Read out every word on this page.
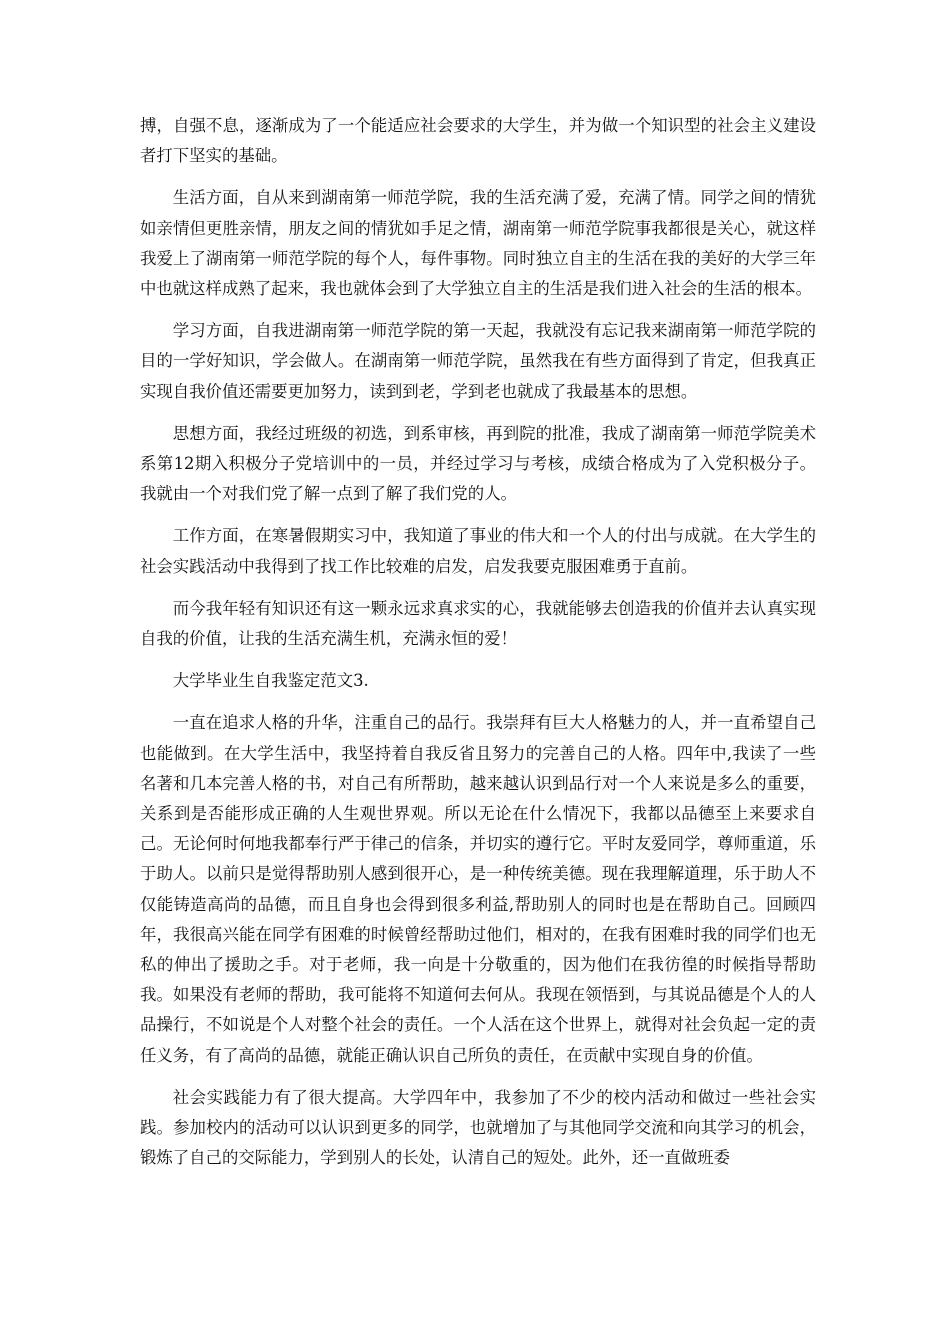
搏，自强不息，逐渐成为了一个能适应社会要求的大学生，并为做一个知识型的社会主义建设者打下坚实的基础。

生活方面，自从来到湖南第一师范学院，我的生活充满了爱，充满了情。同学之间的情犹如亲情但更胜亲情，朋友之间的情犹如手足之情，湖南第一师范学院事我都很是关心，就这样我爱上了湖南第一师范学院的每个人，每件事物。同时独立自主的生活在我的美好的大学三年中也就这样成熟了起来，我也就体会到了大学独立自主的生活是我们进入社会的生活的根本。

学习方面，自我进湖南第一师范学院的第一天起，我就没有忘记我来湖南第一师范学院的目的一学好知识，学会做人。在湖南第一师范学院，虽然我在有些方面得到了肯定，但我真正实现自我价值还需要更加努力，读到到老，学到老也就成了我最基本的思想。

思想方面，我经过班级的初选，到系审核，再到院的批准，我成了湖南第一师范学院美术系第12期入积极分子党培训中的一员，并经过学习与考核，成绩合格成为了入党积极分子。我就由一个对我们党了解一点到了解了我们党的人。

工作方面，在寒暑假期实习中，我知道了事业的伟大和一个人的付出与成就。在大学生的社会实践活动中我得到了找工作比较难的启发，启发我要克服困难勇于直前。

而今我年轻有知识还有这一颗永远求真求实的心，我就能够去创造我的价值并去认真实现自我的价值，让我的生活充满生机，充满永恒的爱！

大学毕业生自我鉴定范文3.

一直在追求人格的升华，注重自己的品行。我崇拜有巨大人格魅力的人，并一直希望自己也能做到。在大学生活中，我坚持着自我反省且努力的完善自己的人格。四年中,我读了一些名著和几本完善人格的书，对自己有所帮助，越来越认识到品行对一个人来说是多么的重要，关系到是否能形成正确的人生观世界观。所以无论在什么情况下，我都以品德至上来要求自己。无论何时何地我都奉行严于律己的信条，并切实的遵行它。平时友爱同学，尊师重道，乐于助人。以前只是觉得帮助别人感到很开心，是一种传统美德。现在我理解道理，乐于助人不仅能铸造高尚的品德，而且自身也会得到很多利益,帮助别人的同时也是在帮助自己。回顾四年，我很高兴能在同学有困难的时候曾经帮助过他们，相对的，在我有困难时我的同学们也无私的伸出了援助之手。对于老师，我一向是十分敬重的，因为他们在我彷徨的时候指导帮助我。如果没有老师的帮助，我可能将不知道何去何从。我现在领悟到，与其说品德是个人的人品操行，不如说是个人对整个社会的责任。一个人活在这个世界上，就得对社会负起一定的责任义务，有了高尚的品德，就能正确认识自己所负的责任，在贡献中实现自身的价值。

社会实践能力有了很大提高。大学四年中，我参加了不少的校内活动和做过一些社会实践。参加校内的活动可以认识到更多的同学，也就增加了与其他同学交流和向其学习的机会，锻炼了自己的交际能力，学到别人的长处，认清自己的短处。此外，还一直做班委
